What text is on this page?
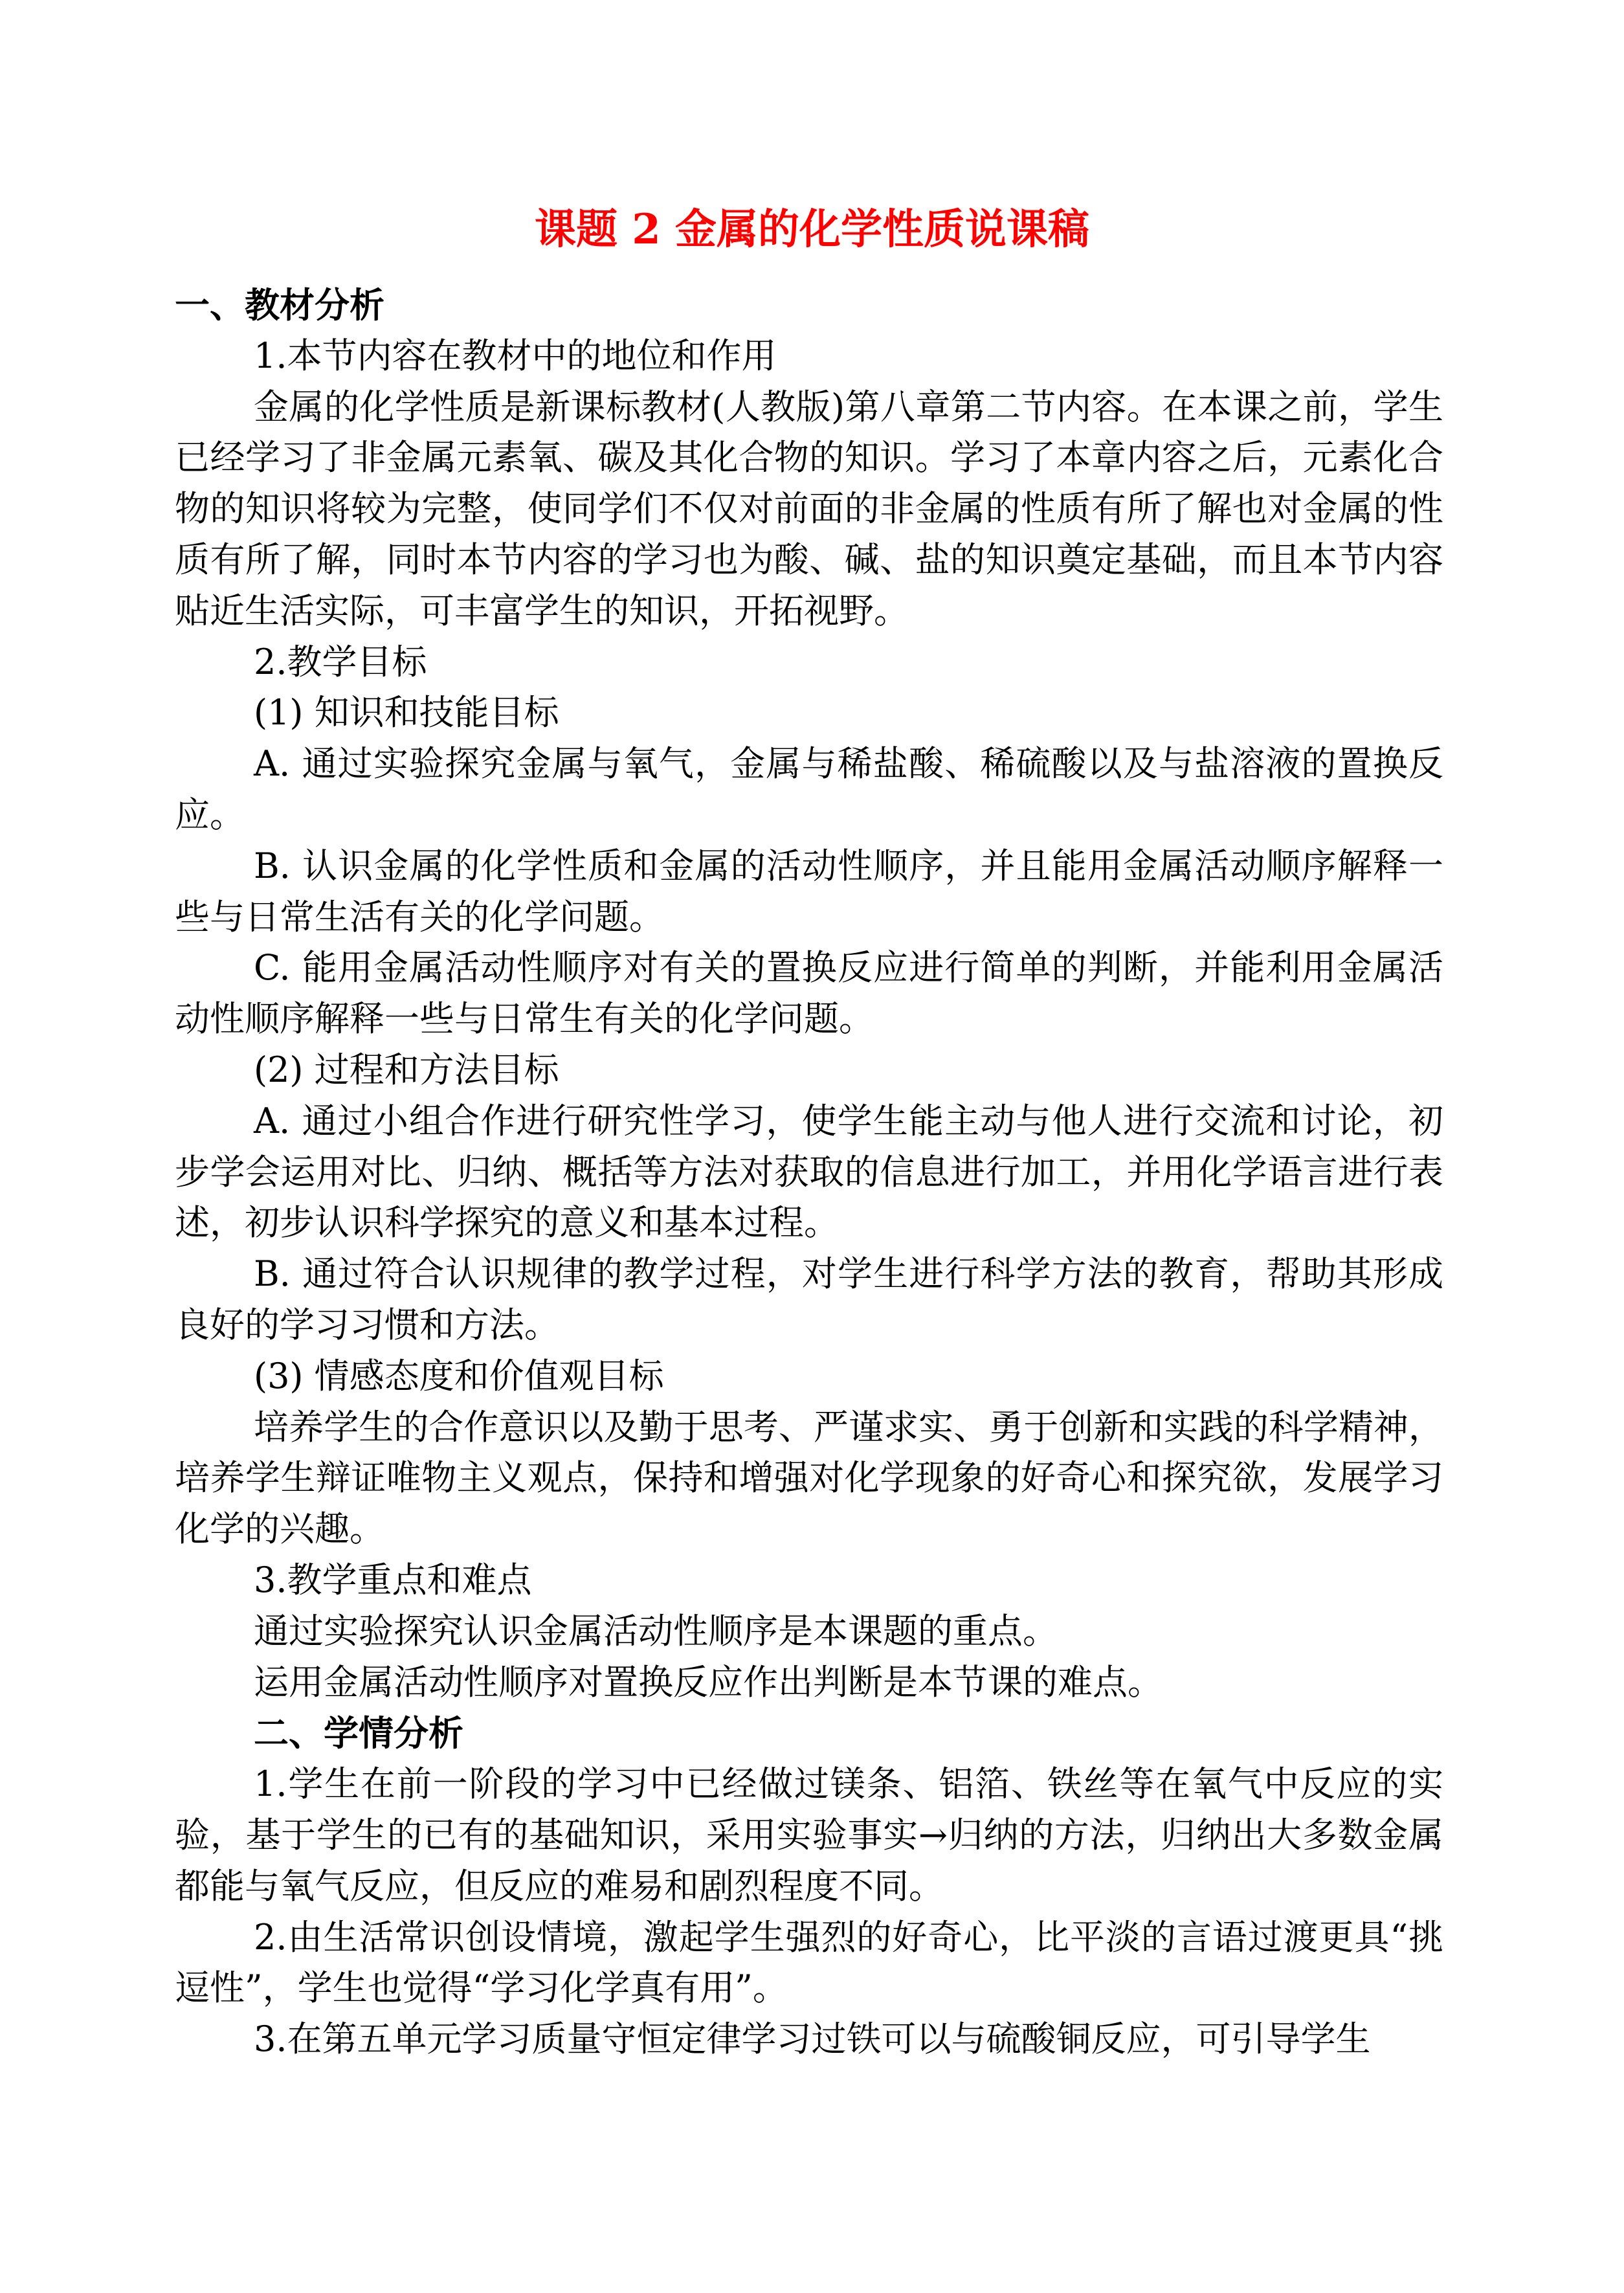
课题 2 金属的化学性质说课稿

一、教材分析

1.本节内容在教材中的地位和作用

金属的化学性质是新课标教材(人教版)第八章第二节内容。在本课之前，学生已经学习了非金属元素氧、碳及其化合物的知识。学习了本章内容之后，元素化合物的知识将较为完整，使同学们不仅对前面的非金属的性质有所了解也对金属的性质有所了解，同时本节内容的学习也为酸、碱、盐的知识奠定基础，而且本节内容贴近生活实际，可丰富学生的知识，开拓视野。

2.教学目标

(1) 知识和技能目标

A. 通过实验探究金属与氧气，金属与稀盐酸、稀硫酸以及与盐溶液的置换反应。

B. 认识金属的化学性质和金属的活动性顺序，并且能用金属活动顺序解释一些与日常生活有关的化学问题。

C. 能用金属活动性顺序对有关的置换反应进行简单的判断，并能利用金属活动性顺序解释一些与日常生有关的化学问题。

(2) 过程和方法目标

A. 通过小组合作进行研究性学习，使学生能主动与他人进行交流和讨论，初步学会运用对比、归纳、概括等方法对获取的信息进行加工，并用化学语言进行表述，初步认识科学探究的意义和基本过程。

B. 通过符合认识规律的教学过程，对学生进行科学方法的教育，帮助其形成良好的学习习惯和方法。

(3) 情感态度和价值观目标

培养学生的合作意识以及勤于思考、严谨求实、勇于创新和实践的科学精神，培养学生辩证唯物主义观点，保持和增强对化学现象的好奇心和探究欲，发展学习化学的兴趣。

3.教学重点和难点

通过实验探究认识金属活动性顺序是本课题的重点。

运用金属活动性顺序对置换反应作出判断是本节课的难点。

二、学情分析

1.学生在前一阶段的学习中已经做过镁条、铝箔、铁丝等在氧气中反应的实验，基于学生的已有的基础知识，采用实验事实→归纳的方法，归纳出大多数金属都能与氧气反应，但反应的难易和剧烈程度不同。

2.由生活常识创设情境，激起学生强烈的好奇心，比平淡的言语过渡更具“挑逗性”，学生也觉得“学习化学真有用”。

3.在第五单元学习质量守恒定律学习过铁可以与硫酸铜反应，可引导学生
